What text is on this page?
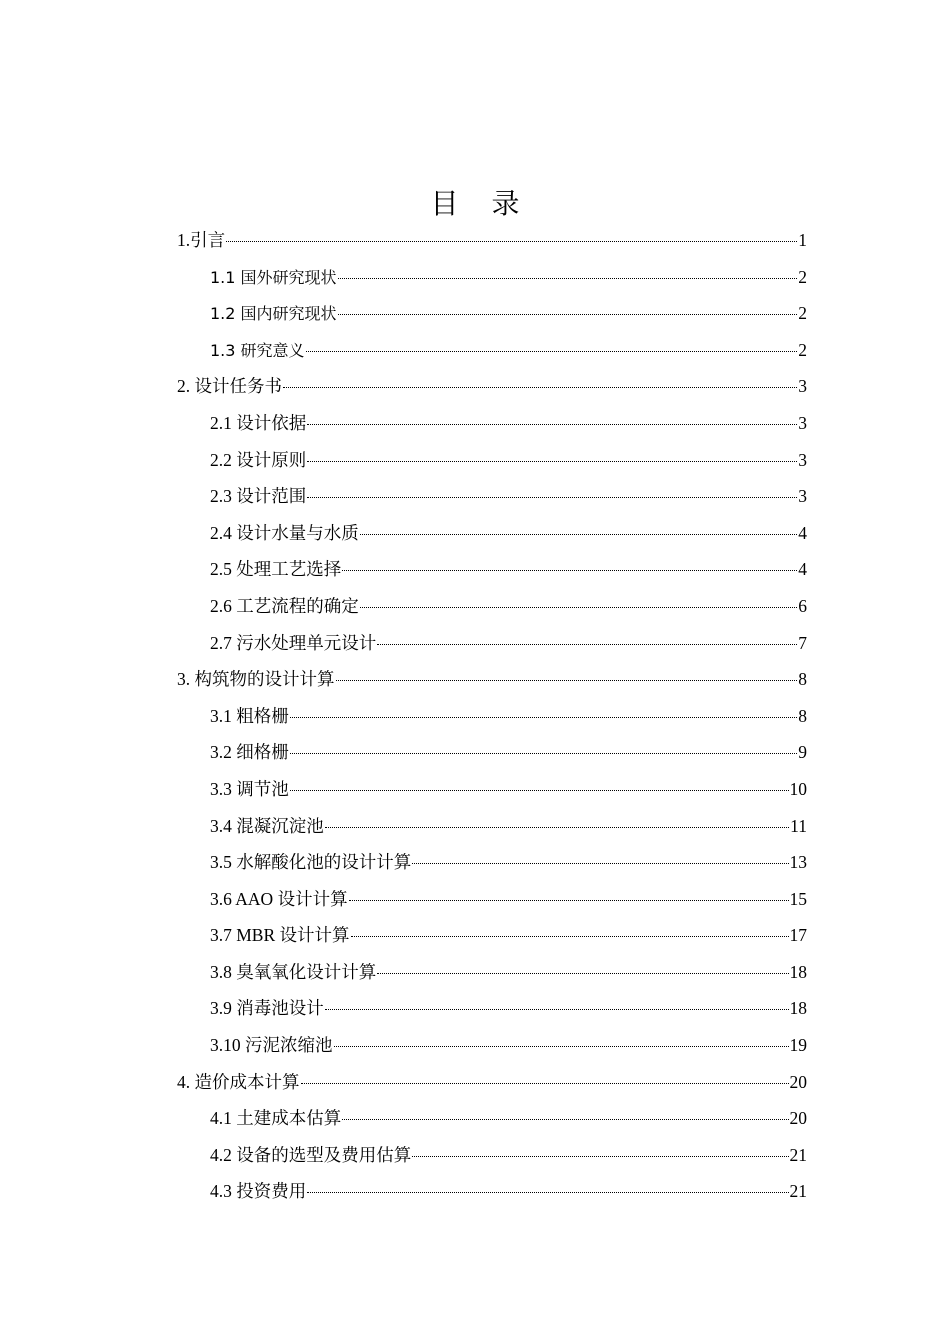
目 录
1.引言	1
1.1 国外研究现状	2
1.2 国内研究现状	2
1.3 研究意义	2
2. 设计任务书	3
2.1 设计依据	3
2.2 设计原则	3
2.3 设计范围	3
2.4 设计水量与水质	4
2.5 处理工艺选择	4
2.6 工艺流程的确定	6
2.7 污水处理单元设计	7
3. 构筑物的设计计算	8
3.1 粗格栅	8
3.2 细格栅	9
3.3 调节池	10
3.4 混凝沉淀池	11
3.5 水解酸化池的设计计算	13
3.6 AAO 设计计算	15
3.7 MBR 设计计算	17
3.8 臭氧氧化设计计算	18
3.9 消毒池设计	18
3.10 污泥浓缩池	19
4. 造价成本计算	20
4.1 土建成本估算	20
4.2 设备的选型及费用估算	21
4.3 投资费用	21
